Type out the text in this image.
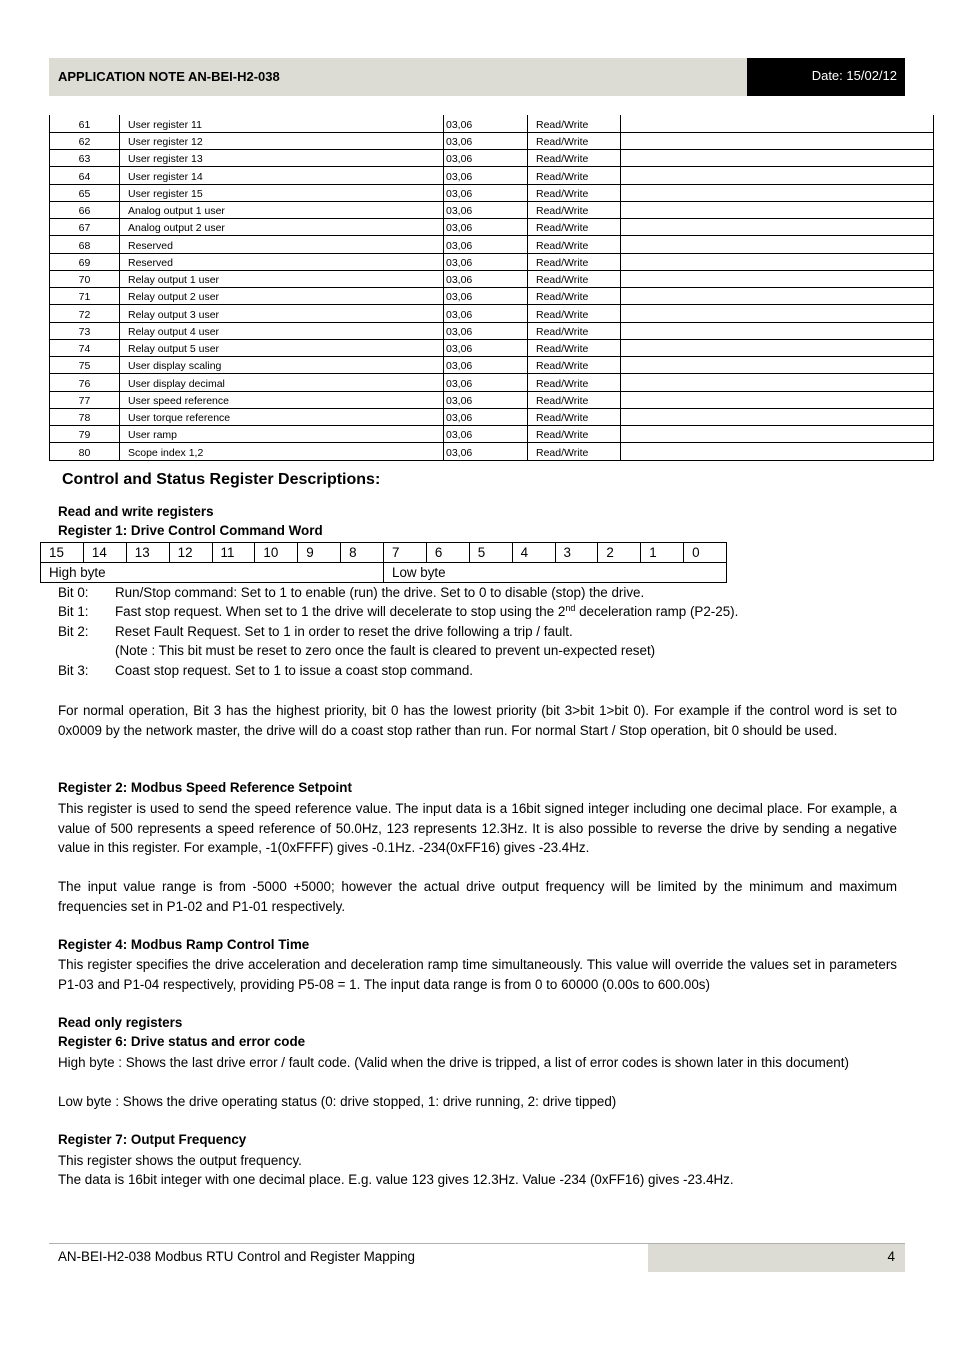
APPLICATION NOTE AN-BEI-H2-038	Date: 15/02/12
61	User register 11	03,06	Read/Write	
62	User register 12	03,06	Read/Write	
63	User register 13	03,06	Read/Write	
64	User register 14	03,06	Read/Write	
65	User register 15	03,06	Read/Write	
66	Analog output 1 user	03,06	Read/Write	
67	Analog output 2 user	03,06	Read/Write	
68	Reserved	03,06	Read/Write	
69	Reserved	03,06	Read/Write	
70	Relay output 1 user	03,06	Read/Write	
71	Relay output 2 user	03,06	Read/Write	
72	Relay output 3 user	03,06	Read/Write	
73	Relay output 4 user	03,06	Read/Write	
74	Relay output 5 user	03,06	Read/Write	
75	User display scaling	03,06	Read/Write	
76	User display decimal	03,06	Read/Write	
77	User speed reference	03,06	Read/Write	
78	User torque reference	03,06	Read/Write	
79	User ramp	03,06	Read/Write	
80	Scope index 1,2	03,06	Read/Write	
Control and Status Register Descriptions:
Read and write registers
Register 1: Drive Control Command Word
15	14	13	12	11	10	9	8	7	6	5	4	3	2	1	0
High byte								Low byte							
Bit 0: Run/Stop command: Set to 1 to enable (run) the drive. Set to 0 to disable (stop) the drive.
Bit 1: Fast stop request. When set to 1 the drive will decelerate to stop using the 2nd deceleration ramp (P2-25).
Bit 2: Reset Fault Request. Set to 1 in order to reset the drive following a trip / fault.
(Note : This bit must be reset to zero once the fault is cleared to prevent un-expected reset)
Bit 3: Coast stop request. Set to 1 to issue a coast stop command.
For normal operation, Bit 3 has the highest priority, bit 0 has the lowest priority (bit 3>bit 1>bit 0). For example if the control word is set to 0x0009 by the network master, the drive will do a coast stop rather than run. For normal Start / Stop operation, bit 0 should be used.
Register 2: Modbus Speed Reference Setpoint
This register is used to send the speed reference value. The input data is a 16bit signed integer including one decimal place. For example, a value of 500 represents a speed reference of 50.0Hz, 123 represents 12.3Hz. It is also possible to reverse the drive by sending a negative value in this register. For example, -1(0xFFFF) gives -0.1Hz. -234(0xFF16) gives -23.4Hz.
The input value range is from -5000 +5000; however the actual drive output frequency will be limited by the minimum and maximum frequencies set in P1-02 and P1-01 respectively.
Register 4: Modbus Ramp Control Time
This register specifies the drive acceleration and deceleration ramp time simultaneously. This value will override the values set in parameters P1-03 and P1-04 respectively, providing P5-08 = 1. The input data range is from 0 to 60000 (0.00s to 600.00s)
Read only registers
Register 6: Drive status and error code
High byte : Shows the last drive error / fault code. (Valid when the drive is tripped, a list of error codes is shown later in this document)
Low byte : Shows the drive operating status (0: drive stopped, 1: drive running, 2: drive tipped)
Register 7: Output Frequency
This register shows the output frequency.
The data is 16bit integer with one decimal place. E.g. value 123 gives 12.3Hz. Value -234 (0xFF16) gives -23.4Hz.
AN-BEI-H2-038 Modbus RTU Control and Register Mapping	4
